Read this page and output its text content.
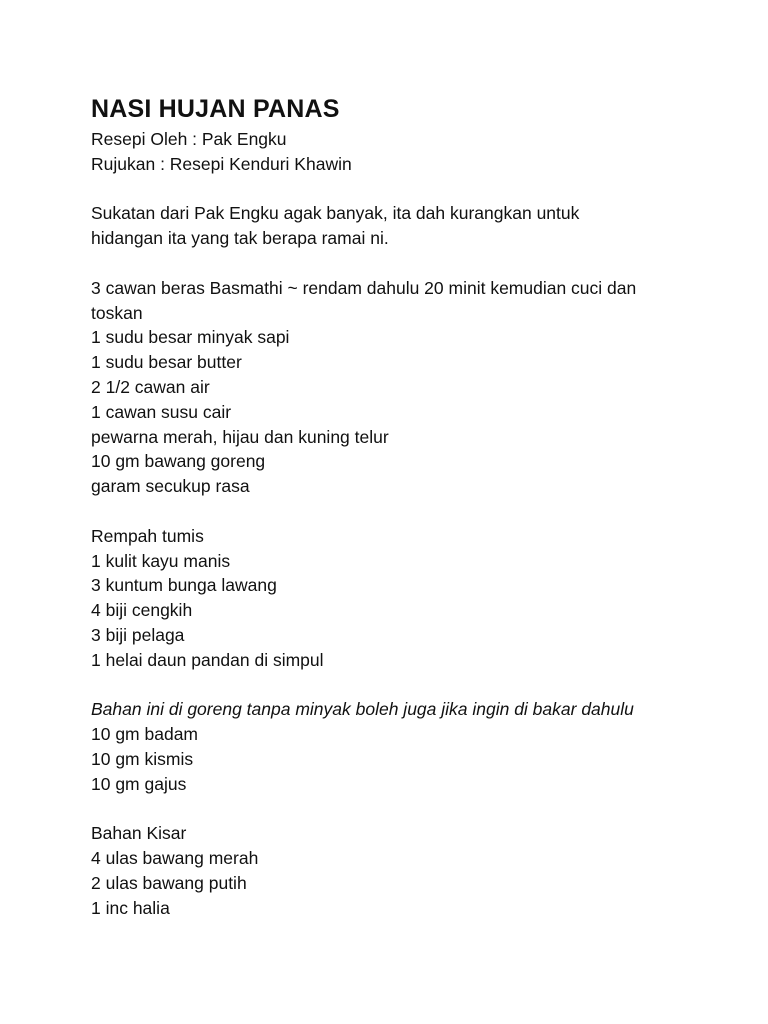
NASI HUJAN PANAS

Resepi Oleh : Pak Engku

Rujukan : Resepi Kenduri Khawin

Sukatan dari Pak Engku agak banyak, ita dah kurangkan untuk

hidangan ita yang tak berapa ramai ni.

3 cawan beras Basmathi ~ rendam dahulu 20 minit kemudian cuci dan

toskan

1 sudu besar minyak sapi

1 sudu besar butter

2 1/2 cawan air

1 cawan susu cair

pewarna merah, hijau dan kuning telur

10 gm bawang goreng

garam secukup rasa

Rempah tumis

1 kulit kayu manis

3 kuntum bunga lawang

4 biji cengkih

3 biji pelaga

1 helai daun pandan di simpul

Bahan ini di goreng tanpa minyak boleh juga jika ingin di bakar dahulu

10 gm badam

10 gm kismis

10 gm gajus

Bahan Kisar

4 ulas bawang merah

2 ulas bawang putih

1 inc halia
